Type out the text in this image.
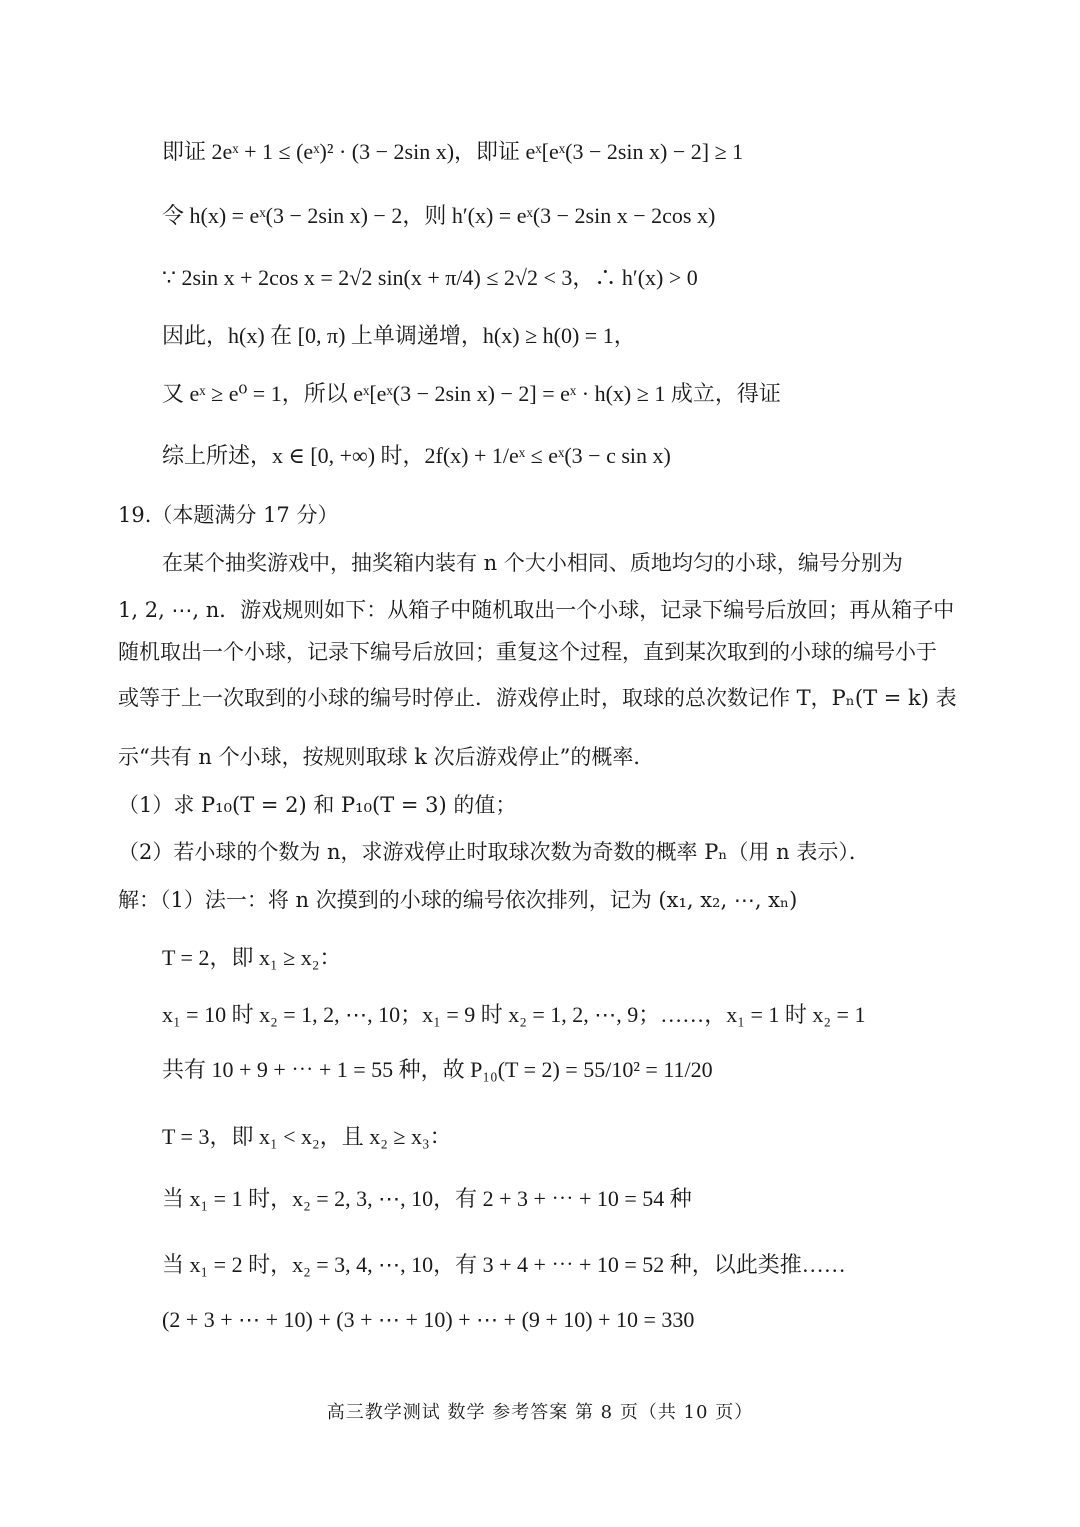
即证 2eˣ + 1 ≤ (eˣ)² · (3 − 2sin x)，即证 eˣ[eˣ(3 − 2sin x) − 2] ≥ 1
令 h(x) = eˣ(3 − 2sin x) − 2，则 h′(x) = eˣ(3 − 2sin x − 2cos x)
∵ 2sin x + 2cos x = 2√2 sin(x + π/4) ≤ 2√2 < 3，∴ h′(x) > 0
因此，h(x) 在 [0, π) 上单调递增，h(x) ≥ h(0) = 1，
又 eˣ ≥ e⁰ = 1，所以 eˣ[eˣ(3 − 2sin x) − 2] = eˣ · h(x) ≥ 1 成立，得证
综上所述，x ∈ [0, +∞) 时，2f(x) + 1/eˣ ≤ eˣ(3 − c sin x)
19.（本题满分 17 分）
在某个抽奖游戏中，抽奖箱内装有 n 个大小相同、质地均匀的小球，编号分别为
1, 2, ⋯, n．游戏规则如下：从箱子中随机取出一个小球，记录下编号后放回；再从箱子中
随机取出一个小球，记录下编号后放回；重复这个过程，直到某次取到的小球的编号小于
或等于上一次取到的小球的编号时停止．游戏停止时，取球的总次数记作 T，Pₙ(T = k) 表
示“共有 n 个小球，按规则取球 k 次后游戏停止”的概率．
（1）求 P₁₀(T = 2) 和 P₁₀(T = 3) 的值；
（2）若小球的个数为 n，求游戏停止时取球次数为奇数的概率 Pₙ（用 n 表示）．
解：（1）法一：将 n 次摸到的小球的编号依次排列，记为 (x₁, x₂, ⋯, xₙ)
T = 2，即 x₁ ≥ x₂：
x₁ = 10 时 x₂ = 1, 2, ⋯, 10；x₁ = 9 时 x₂ = 1, 2, ⋯, 9；……，x₁ = 1 时 x₂ = 1
共有 10 + 9 + ⋯ + 1 = 55 种，故 P₁₀(T = 2) = 55/10² = 11/20
T = 3，即 x₁ < x₂，且 x₂ ≥ x₃：
当 x₁ = 1 时，x₂ = 2, 3, ⋯, 10，有 2 + 3 + ⋯ + 10 = 54 种
当 x₁ = 2 时，x₂ = 3, 4, ⋯, 10，有 3 + 4 + ⋯ + 10 = 52 种，以此类推……
(2 + 3 + ⋯ + 10) + (3 + ⋯ + 10) + ⋯ + (9 + 10) + 10 = 330
高三教学测试 数学 参考答案 第 8 页（共 10 页）
